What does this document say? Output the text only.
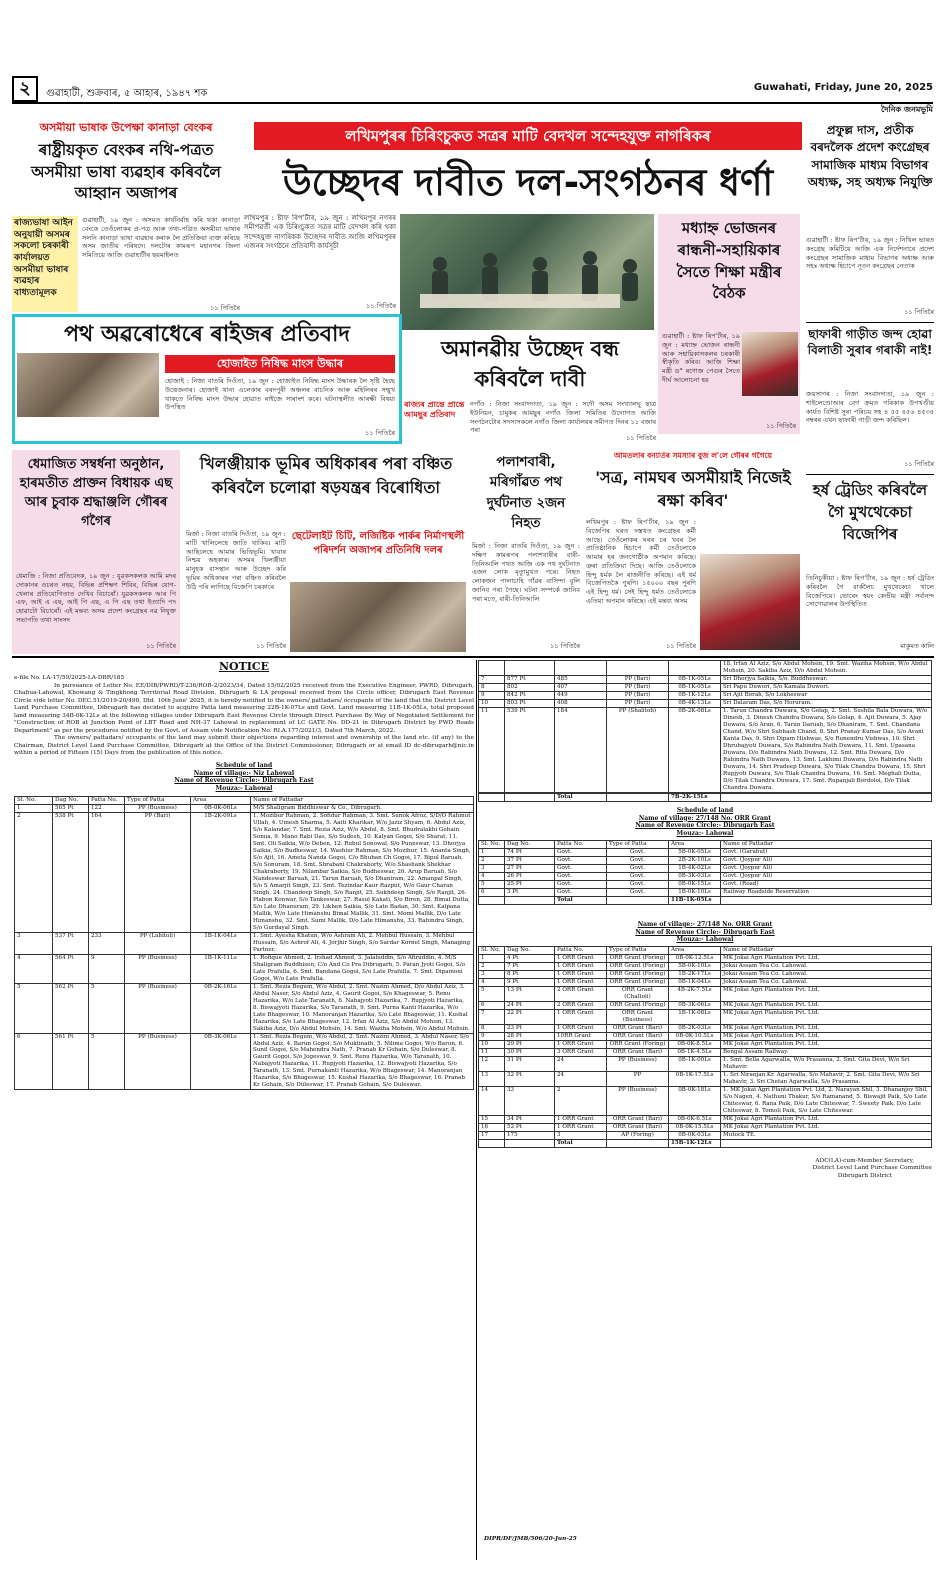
২	গুৱাহাটী, শুক্ৰবাৰ, ৫ আহাৰ, ১৯৪৭ শক
Guwahati, Friday, June 20, 2025
দৈনিক জনমভূমি
অসমীয়া ভাষাক উপেক্ষা কানাড়া বেংকৰ
ৰাষ্ট্ৰীয়কৃত বেংকৰ নথি-পত্ৰত অসমীয়া ভাষা ব্যৱহাৰ কৰিবলৈ আহ্বান অজাপৰ
ৰাজ্যভাষা আইন অনুযায়ী অসমৰ সকলো চৰকাৰী কাৰ্যালয়ত অসমীয়া ভাষাৰ ব্যৱহাৰ বাধ্যতামূলক
গুৱাহাটী, ১৯ জুন : অসমত কাৰ্যনিৰ্বাহ কৰি থকা কানাড়া বেংকে তেওঁলোকৰ প্ৰ-পত্ৰ আৰু তথ্য-পত্ৰিত অসমীয়া ভাষাৰ সলনি কানাড়া ভাষা ব্যৱহাৰ কৰাক লৈ প্ৰতিক্ৰিয়া ব্যক্ত কৰিছে অসম জাতীয় পৰিষদে। দলটোৰ কামৰূপ মহানগৰ জিলা সমিতিয়ে আজি গুৱাহাটীৰ ছয়মাইলত
১১ পিতিৰৈ
লখিমপুৰৰ চিৰিংচুকত সত্ৰৰ মাটি বেদখল সন্দেহযুক্ত নাগৰিকৰ
উচ্ছেদৰ দাবীত দল-সংগঠনৰ ধৰ্ণা
লখিমপুৰ : ষ্টাফ ৰিপ'ৰ্টাৰ, ১৯ জুন : লখিমপুৰ নগৰৰ সমীপৱৰ্তী এক চিৰিংচুকত সত্ৰৰ মাটি বেদখল কৰি থকা সন্দেহযুক্ত নাগৰিকক উচ্ছেদৰ দাবীত আজি লখিমপুৰৰ এজনৰ সংগঠনে প্ৰতিবাদী কাৰ্যসূচী
১১ পিতিৰৈ
মধ্যাহ্ন ভোজনৰ ৰান্ধনী-সহায়িকাৰ সৈতে শিক্ষা মন্ত্ৰীৰ বৈঠক
গুৱাহাটী : ষ্টাফ ৰিপ'ৰ্টাৰ, ১৯ জুন : মধ্যাহ্ন ভোজন ৰান্ধনী আৰু সহায়িকাসকলৰ চৰকাৰী স্বীকৃতি কৰিব। আজি শিক্ষা মন্ত্ৰী ড° ৰণোজ পেগুৰ সৈতে দীৰ্ঘ আলোচনা হয়
১১ পিতিৰৈ
প্ৰফুল্ল দাস, প্ৰতীক বৰদলৈক প্ৰদেশ কংগ্ৰেছৰ সামাজিক মাধ্যম বিভাগৰ অধ্যক্ষ, সহ অধ্যক্ষ নিযুক্তি
গুৱাহাটী : ষ্টাফ ৰিপ'ৰ্টাৰ, ১৯ জুন : নিখিল ভাৰত কংগ্ৰেছ কমিটিয়ে আজি এক নিৰ্দেশনাৰে প্ৰদেশ কংগ্ৰেছৰ সামাজিক মাধ্যম বিভাগৰ অধ্যক্ষ আৰু সহঃ অধ্যক্ষ হিচাপে নূতন কংগ্ৰেছৰ নেতাক
১১ পিতিৰৈ
ছাফাৰী গাড়ীত জন্দ হোৱা বিলাতী সুৰাৰ গৰাকী নাই!
জয়সাগৰ : নিজা সংবাদদাতা, ১৯ জুন : শাইলেণ্ডোআৰ বেগ ক্ৰমত গৰিকাক উপখণ্ডীয় কাৰ্যত বিশিষ্ট সুৰা পৰিচয় সহ ৪ ৫৫ ৪৫৬ ৪৫৩৪ নম্বৰৰ এখন ছাফাৰী গাড়ী জন্দ কৰিছিল।
১১ পিতিৰৈ
হৰ্ষ ট্ৰেডিং কৰিবলৈ গৈ মুখথেকেচা বিজেপিৰ
তিনিচুকীয়া : ষ্টাফ ৰিপ'ৰ্টাৰ, ১৯ জুন : হৰ্ষ ট্ৰেডিং কৰিবলৈ গৈ বাৰ্কলৈচ মুখথেকেচা খালে বিজেপিয়ে। ভোৰেং স্বয়ং কেন্দ্ৰীয় মন্ত্ৰী সৰ্বানন্দ সোণোৱালৰ উপস্থিতিত
মাকুমত কালি
পথ অৱৰোধেৰে ৰাইজৰ প্ৰতিবাদ
হোজাইত নিষিদ্ধ মাংস উদ্ধাৰ
হোজাই : নিজা বাতৰি দিওঁতা, ১৯ জুন : হোজাইত নিষিদ্ধ মাংস উদ্ধাৰক লৈ সৃষ্টি হৈছে উত্তেজনাৰ। হোজাই থানা এলেকাৰ বৰদপুৰী অঞ্চলৰ বাচনিক আৰু মহিলিৰৰ সন্মুখ থাকতে নিষিদ্ধ মাংস উদ্ধাৰ হোৱাত ৰাইজে সাৰাংশ কৰে। ঘটনাস্থলীত আৰক্ষী বিষয়া উপস্থিত
১১ পিতিৰৈ
অমানৱীয় উচ্ছেদ বন্ধ কৰিবলৈ দাবী
ৰাজ্যৰ প্ৰান্তে প্ৰান্তে আমছুৰ প্ৰতিবাদ
নগাঁও : নিজা সংবাদদাতা, ১৯ জুন : সদৌ অসম সংখ্যালঘু ছাত্ৰ ইউনিয়ন, চামুকৰ আমছুৰ নগাঁও জিলা সমিতিৰ উদ্যোগত আজি সংগঠনটোৰ সদস্যসকলে নগাঁও জিলা কাৰ্যালয়ৰ সমীপত দিনৰ ১১ বজাৰ পৰা
১১ পিতিৰৈ
ধেমাজিত সম্বৰ্ধনা অনুষ্ঠান, হাৰমতীত প্ৰাক্তন বিধায়ক এছ আৰ চুবাক শ্ৰদ্ধাঞ্জলি গৌৰৰ গগৈৰ
ধেমাজি : নিজা প্ৰতিবেদক, ১৯ জুন : যুৱকসকলক আমি মদৰ দোকানৰ ওচৰত নহয়, বিভিন্ন প্ৰশিক্ষণ শিবিৰ, বিভিন্ন যোগ-খেলাৰ প্ৰতিযোগিতাত দেখিব বিচাৰোঁ। যুৱকসকলক আৰ পি এফ, আই এ এছ, আই পি এছ, এ পি এছ তথা ইত্যাদি পদ হোৱাটো বিচাৰোঁ। এই মন্তব্য অসম প্ৰদেশ কংগ্ৰেছৰ নৱ নিযুক্ত সভাপতি তথা সাংসদ
১১ পিতিৰৈ
খিলঞ্জীয়াক ভূমিৰ অধিকাৰৰ পৰা বঞ্চিত কৰিবলৈ চলোৱা ষড়যন্ত্ৰৰ বিৰোধিতা
মিৰ্জা : নিজা বাতৰি দিওঁতা, ১৯ জুন : মাটি খালিলেহে জাতি থাকিব। মাটি আছিলেহে আমাৰ ভিত্তিভূমি। খাবাৰ নিশ্চয় অহকাৰ। অসমৰ খিলঞ্জীয়া মানুহক বাসস্থান আৰু উচ্ছেদ কৰি ভূমিৰ অধিকাৰৰ পৰা বঞ্চিত কৰিবলৈ উঠি পৰি লাগিছে বিজেপি চৰকাৰে
ছেটেলাইট চিটি, লজিষ্টিক পাৰ্কৰ নিৰ্মাণস্থলী পৰিদৰ্শন অজাপৰ প্ৰতিনিধি দলৰ
১১ পিতিৰৈ
পলাশবাৰী, মৰিগাঁৱত পথ দুৰ্ঘটনাত ২জন নিহত
মিৰ্জা : নিজা বাতৰি দিওঁতা, ১৯ জুন : দক্ষিণ কামৰূপৰ পলাশবাৰীৰ বাৰী-তিনিআলি পথত আজি এক পথ দুৰ্ঘটনাত এজন লোক মৃত্যুমুখত পৰে। নিহত লোকজন পালাচাহি গাঁৱৰ বাসিন্দা বুলি জানিব পৰা গৈছে। ঘটনা সম্পৰ্কে জানিব পৰা মতে, বাৰী-তিনিআলি
১১ পিতিৰৈ
আমতলাৰ বন্যাৰ্তৰ সমস্যাৰ বুজ ল'লে গৌৰৰ গগৈয়ে
'সত্ৰ, নামঘৰ অসমীয়াই নিজেই ৰক্ষা কৰিব'
লখিমপুৰ : ষ্টাফ ৰিপ'ৰ্টাৰ, ১৯ জুন : বিজেপিৰ ঘৰত দস্তখত কংগ্ৰেছৰ কৰ্মী আছে। তেওঁলোকৰ ঘৰৰ চৰ খবৰ লৈ প্ৰাতিষ্ঠানিক হিচাপে কৰ্মী তেওঁলোকে আমাৰ হৰ জনগোষ্ঠীক অপমান কৰিছে। ত্ৰুৰা প্ৰতিক্ৰিয়া দিছে। আজি তেওঁলোকে হিন্দু ধৰ্মক লৈ ৰাজনীতি কৰিছে। এই ধৰ্ম বিজেপিতকৈ পুৰণি। ১৫০০০ বছৰ পুৰণি এই হিন্দু ধৰ্ম। সেই হিন্দু ধৰ্মত তেওঁলোকে এতিয়া অপমান কৰিছে। এই মন্তব্য অসম
১১ পিতিৰৈ
NOTICE
e-file No. LA-17/59/2025-LA-DBR/185
In pursuance of Letter No. EE/DIB/PWRD/T-236/ROB-2/2023/34, Dated 15/02/2025 received from the Executive Engineer, PWRD, Dibrugarh, Chabua-Lahowal, Khowang & Tingkhong Territorial Road Division, Dibrugarh & LA proposal received from the Circle officer, Dibrugarh East Revenue Circle vide letter No. DEC.51/2019-20/490, Dtd. 10th June' 2025, it is hereby notified to the owners/ pattadars/ occupants of the land that the District Level Land Purchase Committee, Dibrugarh has decided to acquire Patta land measuring 22B-1K-07Ls and Govt. Land measuring 11B-1K-05Ls, total proposed land measuring 34B-0K-12Ls at the following villages under Dibrugarh East Revenue Circle through Direct Purchase By Way of Negotiated Settlement for "Construction of ROB at Junction Point of LBT Road and NH-37 Lahowal in replacement of LC GATE No. DD-21 in Dibrugarh District by PWD Roads Department" as per the procedures notified by the Govt. of Assam vide Notification No. RLA.177/2021/3, Dated 7th March, 2022.
The owners/ pattadars/ occupants of the land may submit their objections regarding interest and ownership of the land etc. (if any) to the Chairman, District Level Land Purchase Committee, Dibrugarh at the Office of the District Commissioner, Dibrugarh or at email ID dc-dibrugarh@nic.in within a period of Fifteen (15) Days from the publication of this notice.
Schedule of land
Name of village:- Niz Lahowal
Name of Revenue Circle:- Dibrugarh East
Mouza:- Lahowal
Sl. No.	Dag No.	Patta No.	Type of Patta	Area	Name of Pattadar
1	565 Pt	122	PP (Business)	0B-0K-06Ls	M/S Shaligram Biddhiswar & Co., Dibrugarh.
2	538 Pt	164	PP (Bari)	1B-2K-09Ls	1. Mozibur Rahman, 2. Sofidur Rahman, 3. Smt. Sunok Afroz, S/D/O Rahmut Ullah, 4. Umesh Sharma, 5. Aaiti Kharikar, W/o Jaziz Shyam, 6. Abdul Aziz, S/o Kalandar, 7. Smt. Rezia Aziz, W/o Abdul, 8. Smt. Bhudralakhi Gohain Sonua, 9. Mano Rabi Das, S/o Sudesh, 10. Kalyan Gogoi, S/o Sharat, 11. Smt. Oli Saikia, W/o Deben, 12. Rubul Sonowal, S/o Puneswar, 13. Dhorjya Saikia, S/o Budheswar, 14. Washiur Rahman, S/o Mozibur, 15. Ananta Singh, S/o Ajit, 16. Ameta Nanda Gogoi, C/o Bhuban Ch Gogoi, 17. Bipul Baruah, S/o Sonuram, 18. Smt. Shrabani Chakraborty, W/o Shashank Shekhar Chakraborty, 19. Nilambar Saikia, S/o Budheswar, 20. Arup Baruah, S/o Nandeswar Baruah, 21. Tarun Baruah, S/o Dhaniram, 22. Amanpal Singh, S/o S Amarjit Singh, 23. Smt. Tezindar Kaur Razput, W/o Gaur Charan Singh, 24. Chandeep Singh, S/o Ranjit, 25. Sukhdeep Singh, S/o Ranjit, 26. Plabon Konwar, S/o Tankeswar, 27. Rasul Kakati, S/o Biren, 28. Bimal Dutta, S/o Late Dhanuram, 29. Likhen Saikia, S/o Late Badan, 30. Smt. Kalpana Mallik, W/o Late Himanshu Bimal Mallik, 31. Smt. Momi Mallik, D/o Late Himanshu, 32. Smt. Sumi Mallik, D/o Late Himanshu, 33. Rabindra Singh, S/o Gurdayal Singh.
3	537 Pt	233	PP (Lahitoli)	1B-1K-04Ls	1. Smt. Ayesha Khatun, W/o Ashram Ali, 2. Mehbul Hussain, 3. Mehbul Hussain, S/o Ashrof Ali, 4. Jorjhir Singh, S/o Sardar Kornel Singh, Managing Partner.
4	564 Pt	9	PP (Business)	1B-1K-11Ls	1. Rofique Ahmed, 2. Irshad Ahmed, 3. Jalaluddin, S/o Afiruddin, 4. M/S Shaligram Buddhisen, C/o And Co Pra Dibrugarh, 5. Paran Jyoti Gogoi, S/o Late Prafulla, 6. Smt. Bandana Gogoi, S/o Late Prafulla, 7. Smt. Dipamoni Gogoi, W/o Late Prafulla.
5	562 Pt	5	PP (Business)	0B-2K-16Ls	1. Smt. Rezia Begum, W/o Abdul, 2. Smt. Nazim Ahmed, D/o Abdul Aziz, 3. Abdul Naser, S/o Abdul Aziz, 4. Gaurit Gogoi, S/o Khageswar, 5. Renu Hazarika, W/o Late Taranath, 6. Nabajyoti Hazarika, 7. Rupjyoti Hazarika, 8. Biswajyoti Hazarika, S/o Taranath, 9. Smt. Purna Kanti Hazarika, W/o Late Bhageswar, 10. Manoranjan Hazarika, S/o Late Bhageswar, 11. Kushal Hazarika, S/o Late Bhageswar, 12. Irfan Al Aziz, S/o Abdul Mohsin, 13. Sakiba Aziz, D/o Abdul Mohsin, 14. Smt. Waziha Mohsin, W/o Abdul Mohsin.
6	561 Pt	5	PP (Business)	0B-3K-06Ls	1. Smt. Rezia Begum, W/o Abdul, 2. Smt. Nazim Ahmed, 3. Abdul Naser, S/o Abdul Aziz, 4. Barun Gogoi, S/o Muktinath, 5. Nilima Gogoi, W/o Barun, 6. Sunil Gogoi, S/o Mahendra Nath, 7. Pranab Kr Gohain, S/o Duleswar, 8. Gaurit Gogoi, S/o Jogeswar, 9. Smt. Renu Hazarika, W/o Taranath, 10. Nabajyoti Hazarika, 11. Rupjyoti Hazarika, 12. Biswajyoti Hazarika, S/o Taranath, 13. Smt. Purnakanti Hazarika, W/o Bhageswar, 14. Manoranjan Hazarika, S/o Bhageswar, 15. Kushal Hazarika, S/o Bhageswar, 16. Pranab Kr Gohain, S/o Duleswar, 17. Pranab Gohain, S/o Duleswar.
					18. Irfan Al Aziz, S/o Abdul Mohsin, 19. Smt. Waziha Mohsin, W/o Abdul Mohsin, 20. Sakiba Aziz, D/o Abdul Mohsin.
7	877 Pt	485	PP (Bari)	0B-1K-05Ls	Sri Dhorjya Saikia, S/o. Buddheswar.
8	802	407	PP (Bari)	0B-1K-05Ls	Sri Papu Duwori, S/o Kamala Duwori.
9	842 Pt	449	PP (Bari)	0B-1K-12Ls	Sri Ajit Borah, S/o Lokheswar
10	803 Pt	408	PP (Bari)	0B-4K-13Ls	Sri Dalaram Das, S/o Horuram.
11	539 Pt	184	PP (Shalitoli)	0B-2K-08Ls	1. Tarun Chandra Duwara, S/o Golap, 2. Smt. Sushila Bala Duwara, W/o Dinesh, 3. Dinesh Chandra Duwara, S/o Golap, 4. Ajit Duwara, 5. Ajay Duwara, S/o Aran, 6. Tarun Daruah, S/o Dhaniram, 7. Smt. Chandana Chand, W/o Shri Subhash Chand, 8. Shri Pranay Kumar Das, S/o Avani Kanta Das, 9. Shri Dipam Hishwas, S/o Runendru Vishwas, 10. Shri Dhrubajyoti Duwara, S/o Rabindra Nath Duwara, 11. Smt. Upasana Duwara, D/o Rabindra Nath Duwara, 12. Smt. Rita Duwara, D/o Rabindra Nath Duwara, 13. Smt. Lakhimi Duwara, D/o Rabindra Nath Duwara, 14. Shri Pradeep Duwara, S/o Tilak Chandra Duwara, 15. Shri Rupjyoti Duwara, S/o Tilak Chandra Duwara, 16. Smt. Meghali Dutta, D/o Tilak Chandra Duwara, 17. Smt. Rupanjali Bordoloi, D/o Tilak Chandra Duwara.
		Total		7B-2K-15Ls	
Schedule of land
Name of village: 27/148 No. ORR Grant
Name of Revenue Circle:- Dibrugarh East
Mouza:- Lahowal
Sl. No.	Dag No.	Patta No.	Type of Patta	Area	Name of Pattadar
1	74 Pt	Govt.	Govt.	5B-0K-05Ls	Govt. (Garabut)
2	37 Pt	Govt.	Govt.	2B-2K-10Ls	Govt. (Joypur Ali)
3	27 Pt	Govt.	Govt.	1B-4K-02Ls	Govt. (Joypur Ali)
4	26 Pt	Govt.	Govt.	0B-3K-03Ls	Govt. (Joypur Ali)
5	25 Pt	Govt.	Govt.	0B-0K-15Ls	Govt. (Road)
6	3 Pt	Govt.	Govt.	1B-0K-10Ls	Railway Roadside Reservation
		Total		11B-1K-05Ls	
Name of village:- 27/148 No. ORR Grant
Name of Revenue Circle:- Dibrugarh East
Mouza:- Lahowal
Sl. No.	Dag No.	Patta No.	Type of Patta	Area	Name of Pattadar
1	4 Pt	1 ORR Grant	ORR Grant (Foring)	0B-0K-12.5Ls	MK Jokai Agri Plantation Pvt. Ltd.
2	7 Pt	1 ORR Grant	ORR Grant (Foring)	5B-0K-10Ls	Jokai Assam Tea Co. Lahowal.
3	8 Pt	1 ORR Grant	ORR Grant (Foring)	1B-2K-17Ls	Jokai Assam Tea Co. Lahowal.
4	9 Pt	1 ORR Grant	ORR Grant (Foring)	0B-1K-04Ls	Jokai Assam Tea Co. Lahowal.
5	13 Pt	2 ORR Grant	ORR Grant (Chaltoli)	4B-2K-7.5Ls	MK Jokai Agri Plantation Pvt. Ltd.
6	24 Pt	2 ORR Grant	ORR Grant (Foring)	0B-3K-06Ls	MK Jokai Agri Plantation Pvt. Ltd.
7	22 Pt	1 ORR Grant	ORR Grant (Business)	1B-1K-08Ls	MK Jokai Agri Plantation Pvt. Ltd.
8	23 Pt	1 ORR Grant	ORR Grant (Bari)	0B-2K-03Ls	MK Jokai Agri Plantation Pvt. Ltd.
9	28 Pt	10RR Grant	ORR Grant (Bari)	0B-0K-10.5Ls	MK Jokai Agri Plantation Pvt. Ltd.
10	29 Pt	1 ORR Grant	ORR Grant (Foring)	0B-0K-8.5Ls	MK Jokai Agri Plantation Pvt. Ltd.
11	30 Pt	3 ORR Grant	ORR Grant (Bari)	0B-1K-4.5Ls	Bengal Assam Railway.
12	31 Pt	24	PP (Business)	0B-1K-00Ls	1. Smt. Bella Agarwalla, W/o Prasanna, 2. Smt. Gita Devi, W/o Sri Mahavir.
13	32 Pt	24	PP	0B-1K-17.5Ls	1. Sri Niranjan Kr. Agarwalla, S/o Mahavir, 2. Smt. Gita Devi, W/o Sri Mahavir, 3. Sri Chetan Agarwalla, S/o Prasanna.
14	33	2	PP (Business)	0B-0K-18Ls	1. MK Jokai Agri Plantation Pvt. Ltd, 2. Narayan Shil, 3. Dhananjoy Shil, S/o Nagen, 4. Nathuni Thakur, S/o Ramanand, 5. Biswajit Paik, S/o Late Chiteswar, 6. Rana Paik, D/o Late Chiteswar, 7. Sweety Paik, D/o Late Chiteswar, 8. Tomoli Paik, S/o Late Chiteswar.
15	34 Pt	1 ORR Grant	ORR Grant (Bari)	0B-0K-6.5Ls	MK Jokai Agri Plantation Pvt. Ltd.
16	52 Pt	1 ORR Grant	ORR Grant (Bari)	0B-0K-15.5Ls	MK Jokai Agri Plantation Pvt. Ltd.
17	175	3	AP (Foring)	0B-0K-03Ls	Mutock TE.
		Total		15B-1K-12Ls	
ADC(LA)-cum-Member Secretary,
District Level Land Purchase Committee
Dibrugarh District
DIPR/DF/JMB/506/20-Jun-25
